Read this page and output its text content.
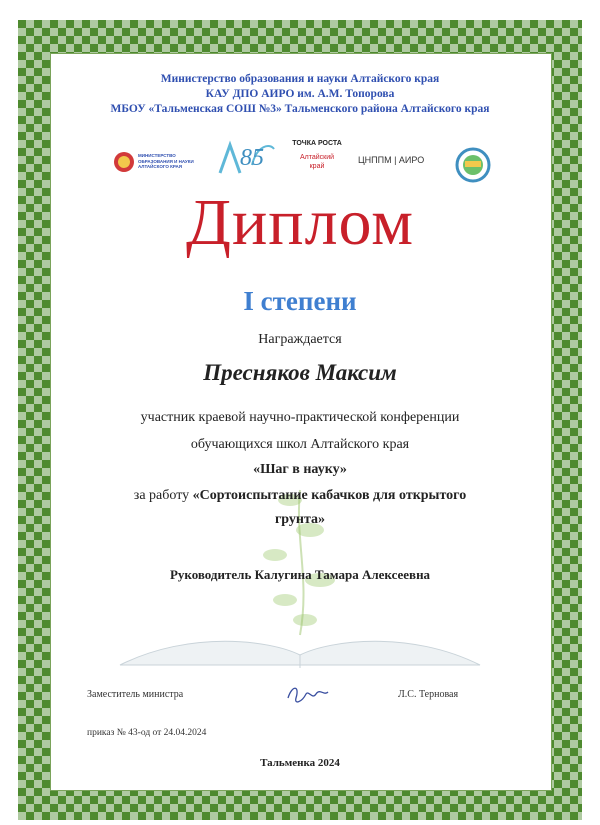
Министерство образования и науки Алтайского края
КАУ ДПО АИРО им. А.М. Топорова
МБОУ «Тальменская СОШ №3» Тальменского района Алтайского края
МИНИСТЕРСТВО ОБРАЗОВАНИЯ И НАУКИ АЛТАЙСКОГО КРАЯ	85
ТОЧКА РОСТА
Алтайский край
ЦНППМ | АИРО
Диплом
I степени
Награждается
Пресняков Максим
участник краевой научно-практической конференции
обучающихся школ Алтайского края
«Шаг в науку»
за работу «Сортоиспытание кабачков для открытого
грунта»
Руководитель Калугина Тамара Алексеевна
Заместитель министра	Л.С. Терновая
приказ № 43-од от 24.04.2024
Тальменка 2024
